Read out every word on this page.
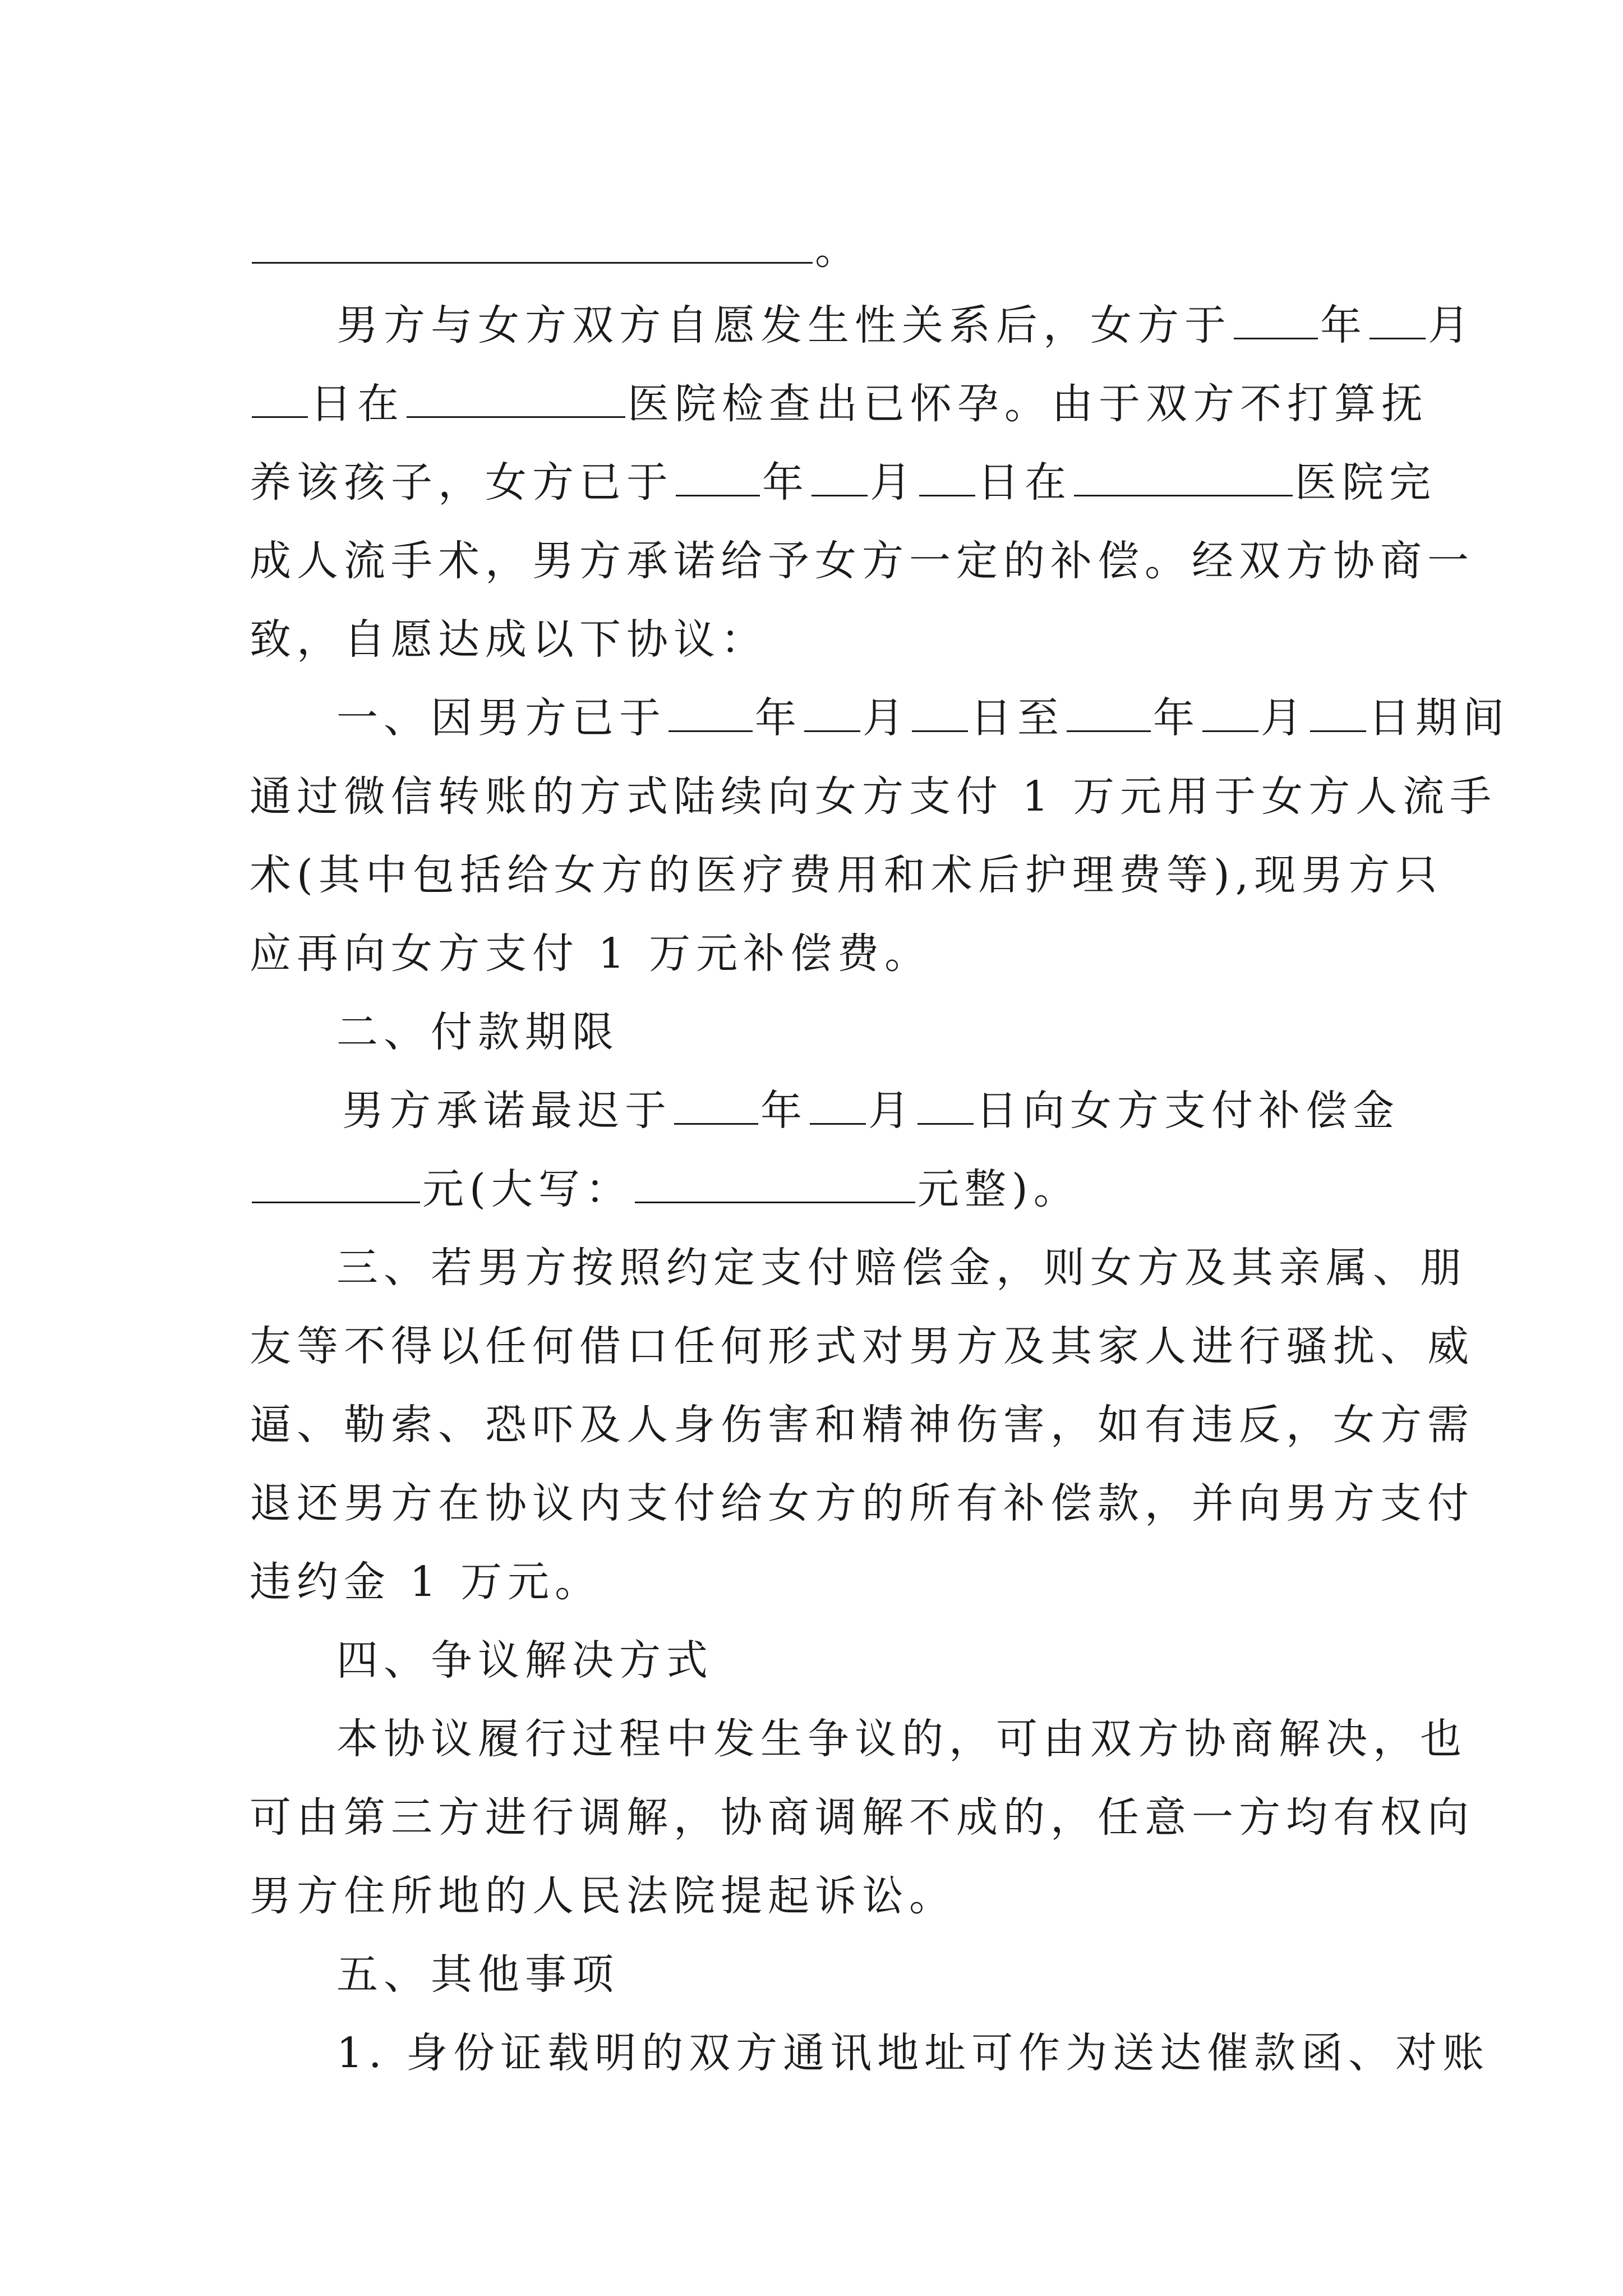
。
男方与女方双方自愿发生性关系后，女方于 年 月
日在	医院检查出已怀孕。由于双方不打算抚
养该孩子，女方已于 年 月 日在	医院完
成人流手术，男方承诺给予女方一定的补偿。经双方协商一
致，自愿达成以下协议：
一、因男方已于 年 月 日至 年 月 日期间
通过微信转账的方式陆续向女方支付 1 万元用于女方人流手
术(其中包括给女方的医疗费用和术后护理费等),现男方只
应再向女方支付 1 万元补偿费。
二、付款期限
男方承诺最迟于 年 月 日向女方支付补偿金
元(大写：	元整)。
三、若男方按照约定支付赔偿金，则女方及其亲属、朋
友等不得以任何借口任何形式对男方及其家人进行骚扰、威
逼、勒索、恐吓及人身伤害和精神伤害，如有违反，女方需
退还男方在协议内支付给女方的所有补偿款，并向男方支付
违约金 1 万元。
四、争议解决方式
本协议履行过程中发生争议的，可由双方协商解决，也
可由第三方进行调解，协商调解不成的，任意一方均有权向
男方住所地的人民法院提起诉讼。
五、其他事项
1. 身份证载明的双方通讯地址可作为送达催款函、对账
